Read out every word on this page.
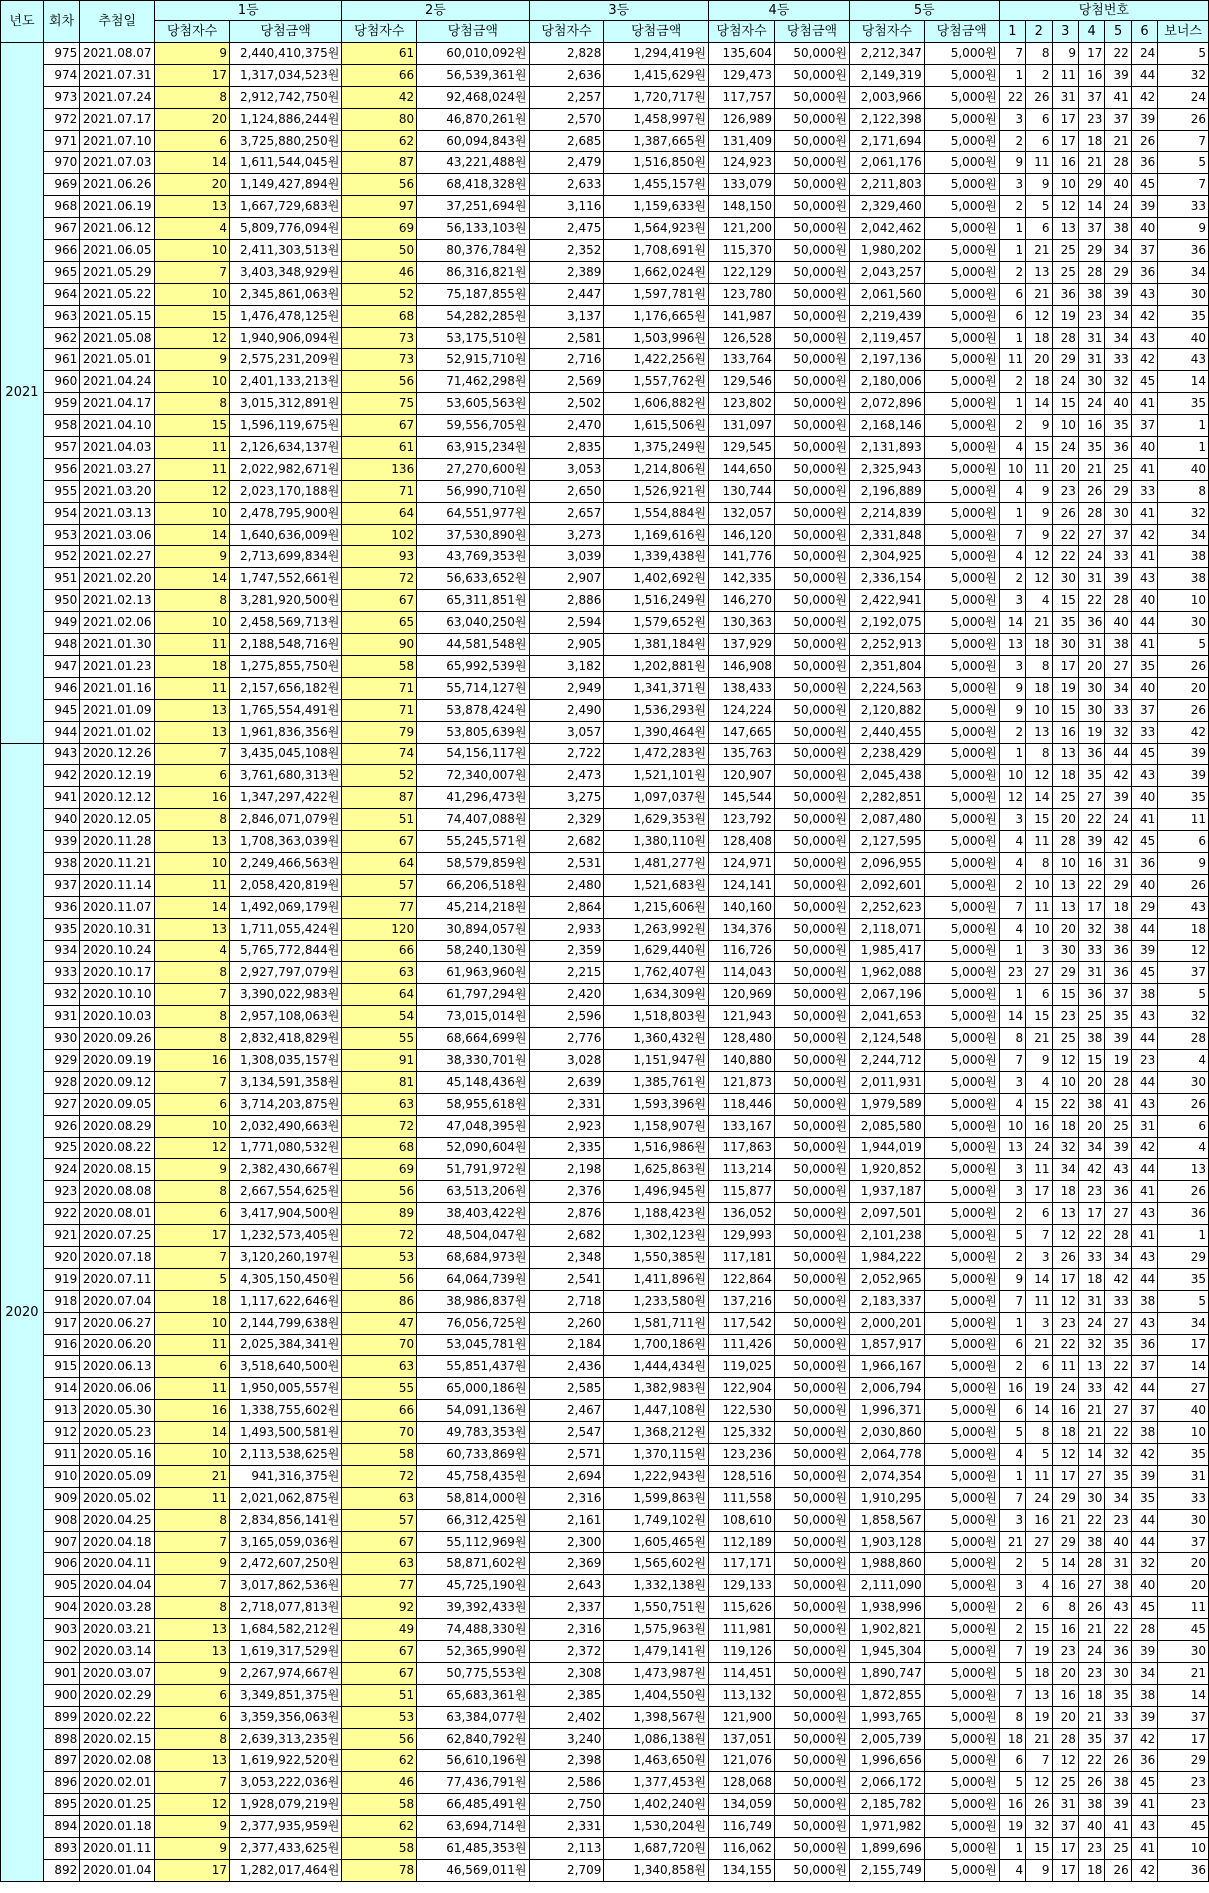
년도	회차	추첨일	1등		2등		3등		4등		5등		당첨번호						
			당첨자수	당첨금액	당첨자수	당첨금액	당첨자수	당첨금액	당첨자수	당첨금액	당첨자수	당첨금액	1	2	3	4	5	6	보너스
2021	975	2021.08.07	9	2,440,410,375원	61	60,010,092원	2,828	1,294,419원	135,604	50,000원	2,212,347	5,000원	7	8	9	17	22	24	5
	974	2021.07.31	17	1,317,034,523원	66	56,539,361원	2,636	1,415,629원	129,473	50,000원	2,149,319	5,000원	1	2	11	16	39	44	32
	973	2021.07.24	8	2,912,742,750원	42	92,468,024원	2,257	1,720,717원	117,757	50,000원	2,003,966	5,000원	22	26	31	37	41	42	24
	972	2021.07.17	20	1,124,886,244원	80	46,870,261원	2,570	1,458,997원	126,989	50,000원	2,122,398	5,000원	3	6	17	23	37	39	26
	971	2021.07.10	6	3,725,880,250원	62	60,094,843원	2,685	1,387,665원	131,409	50,000원	2,171,694	5,000원	2	6	17	18	21	26	7
	970	2021.07.03	14	1,611,544,045원	87	43,221,488원	2,479	1,516,850원	124,923	50,000원	2,061,176	5,000원	9	11	16	21	28	36	5
	969	2021.06.26	20	1,149,427,894원	56	68,418,328원	2,633	1,455,157원	133,079	50,000원	2,211,803	5,000원	3	9	10	29	40	45	7
	968	2021.06.19	13	1,667,729,683원	97	37,251,694원	3,116	1,159,633원	148,150	50,000원	2,329,460	5,000원	2	5	12	14	24	39	33
	967	2021.06.12	4	5,809,776,094원	69	56,133,103원	2,475	1,564,923원	121,200	50,000원	2,042,462	5,000원	1	6	13	37	38	40	9
	966	2021.06.05	10	2,411,303,513원	50	80,376,784원	2,352	1,708,691원	115,370	50,000원	1,980,202	5,000원	1	21	25	29	34	37	36
	965	2021.05.29	7	3,403,348,929원	46	86,316,821원	2,389	1,662,024원	122,129	50,000원	2,043,257	5,000원	2	13	25	28	29	36	34
	964	2021.05.22	10	2,345,861,063원	52	75,187,855원	2,447	1,597,781원	123,780	50,000원	2,061,560	5,000원	6	21	36	38	39	43	30
	963	2021.05.15	15	1,476,478,125원	68	54,282,285원	3,137	1,176,665원	141,987	50,000원	2,219,439	5,000원	6	12	19	23	34	42	35
	962	2021.05.08	12	1,940,906,094원	73	53,175,510원	2,581	1,503,996원	126,528	50,000원	2,119,457	5,000원	1	18	28	31	34	43	40
	961	2021.05.01	9	2,575,231,209원	73	52,915,710원	2,716	1,422,256원	133,764	50,000원	2,197,136	5,000원	11	20	29	31	33	42	43
	960	2021.04.24	10	2,401,133,213원	56	71,462,298원	2,569	1,557,762원	129,546	50,000원	2,180,006	5,000원	2	18	24	30	32	45	14
	959	2021.04.17	8	3,015,312,891원	75	53,605,563원	2,502	1,606,882원	123,802	50,000원	2,072,896	5,000원	1	14	15	24	40	41	35
	958	2021.04.10	15	1,596,119,675원	67	59,556,705원	2,470	1,615,506원	131,097	50,000원	2,168,146	5,000원	2	9	10	16	35	37	1
	957	2021.04.03	11	2,126,634,137원	61	63,915,234원	2,835	1,375,249원	129,545	50,000원	2,131,893	5,000원	4	15	24	35	36	40	1
	956	2021.03.27	11	2,022,982,671원	136	27,270,600원	3,053	1,214,806원	144,650	50,000원	2,325,943	5,000원	10	11	20	21	25	41	40
	955	2021.03.20	12	2,023,170,188원	71	56,990,710원	2,650	1,526,921원	130,744	50,000원	2,196,889	5,000원	4	9	23	26	29	33	8
	954	2021.03.13	10	2,478,795,900원	64	64,551,977원	2,657	1,554,884원	132,057	50,000원	2,214,839	5,000원	1	9	26	28	30	41	32
	953	2021.03.06	14	1,640,636,009원	102	37,530,890원	3,273	1,169,616원	146,120	50,000원	2,331,848	5,000원	7	9	22	27	37	42	34
	952	2021.02.27	9	2,713,699,834원	93	43,769,353원	3,039	1,339,438원	141,776	50,000원	2,304,925	5,000원	4	12	22	24	33	41	38
	951	2021.02.20	14	1,747,552,661원	72	56,633,652원	2,907	1,402,692원	142,335	50,000원	2,336,154	5,000원	2	12	30	31	39	43	38
	950	2021.02.13	8	3,281,920,500원	67	65,311,851원	2,886	1,516,249원	146,270	50,000원	2,422,941	5,000원	3	4	15	22	28	40	10
	949	2021.02.06	10	2,458,569,713원	65	63,040,250원	2,594	1,579,652원	130,363	50,000원	2,192,075	5,000원	14	21	35	36	40	44	30
	948	2021.01.30	11	2,188,548,716원	90	44,581,548원	2,905	1,381,184원	137,929	50,000원	2,252,913	5,000원	13	18	30	31	38	41	5
	947	2021.01.23	18	1,275,855,750원	58	65,992,539원	3,182	1,202,881원	146,908	50,000원	2,351,804	5,000원	3	8	17	20	27	35	26
	946	2021.01.16	11	2,157,656,182원	71	55,714,127원	2,949	1,341,371원	138,433	50,000원	2,224,563	5,000원	9	18	19	30	34	40	20
	945	2021.01.09	13	1,765,554,491원	71	53,878,424원	2,490	1,536,293원	124,224	50,000원	2,120,882	5,000원	9	10	15	30	33	37	26
	944	2021.01.02	13	1,961,836,356원	79	53,805,639원	3,057	1,390,464원	147,665	50,000원	2,440,455	5,000원	2	13	16	19	32	33	42
2020	943	2020.12.26	7	3,435,045,108원	74	54,156,117원	2,722	1,472,283원	135,763	50,000원	2,238,429	5,000원	1	8	13	36	44	45	39
	942	2020.12.19	6	3,761,680,313원	52	72,340,007원	2,473	1,521,101원	120,907	50,000원	2,045,438	5,000원	10	12	18	35	42	43	39
	941	2020.12.12	16	1,347,297,422원	87	41,296,473원	3,275	1,097,037원	145,544	50,000원	2,282,851	5,000원	12	14	25	27	39	40	35
	940	2020.12.05	8	2,846,071,079원	51	74,407,088원	2,329	1,629,353원	123,792	50,000원	2,087,480	5,000원	3	15	20	22	24	41	11
	939	2020.11.28	13	1,708,363,039원	67	55,245,571원	2,682	1,380,110원	128,408	50,000원	2,127,595	5,000원	4	11	28	39	42	45	6
	938	2020.11.21	10	2,249,466,563원	64	58,579,859원	2,531	1,481,277원	124,971	50,000원	2,096,955	5,000원	4	8	10	16	31	36	9
	937	2020.11.14	11	2,058,420,819원	57	66,206,518원	2,480	1,521,683원	124,141	50,000원	2,092,601	5,000원	2	10	13	22	29	40	26
	936	2020.11.07	14	1,492,069,179원	77	45,214,218원	2,864	1,215,606원	140,160	50,000원	2,252,623	5,000원	7	11	13	17	18	29	43
	935	2020.10.31	13	1,711,055,424원	120	30,894,057원	2,933	1,263,992원	134,376	50,000원	2,118,071	5,000원	4	10	20	32	38	44	18
	934	2020.10.24	4	5,765,772,844원	66	58,240,130원	2,359	1,629,440원	116,726	50,000원	1,985,417	5,000원	1	3	30	33	36	39	12
	933	2020.10.17	8	2,927,797,079원	63	61,963,960원	2,215	1,762,407원	114,043	50,000원	1,962,088	5,000원	23	27	29	31	36	45	37
	932	2020.10.10	7	3,390,022,983원	64	61,797,294원	2,420	1,634,309원	120,969	50,000원	2,067,196	5,000원	1	6	15	36	37	38	5
	931	2020.10.03	8	2,957,108,063원	54	73,015,014원	2,596	1,518,803원	121,943	50,000원	2,041,653	5,000원	14	15	23	25	35	43	32
	930	2020.09.26	8	2,832,418,829원	55	68,664,699원	2,776	1,360,432원	128,480	50,000원	2,124,548	5,000원	8	21	25	38	39	44	28
	929	2020.09.19	16	1,308,035,157원	91	38,330,701원	3,028	1,151,947원	140,880	50,000원	2,244,712	5,000원	7	9	12	15	19	23	4
	928	2020.09.12	7	3,134,591,358원	81	45,148,436원	2,639	1,385,761원	121,873	50,000원	2,011,931	5,000원	3	4	10	20	28	44	30
	927	2020.09.05	6	3,714,203,875원	63	58,955,618원	2,331	1,593,396원	118,446	50,000원	1,979,589	5,000원	4	15	22	38	41	43	26
	926	2020.08.29	10	2,032,490,663원	72	47,048,395원	2,923	1,158,907원	133,167	50,000원	2,085,580	5,000원	10	16	18	20	25	31	6
	925	2020.08.22	12	1,771,080,532원	68	52,090,604원	2,335	1,516,986원	117,863	50,000원	1,944,019	5,000원	13	24	32	34	39	42	4
	924	2020.08.15	9	2,382,430,667원	69	51,791,972원	2,198	1,625,863원	113,214	50,000원	1,920,852	5,000원	3	11	34	42	43	44	13
	923	2020.08.08	8	2,667,554,625원	56	63,513,206원	2,376	1,496,945원	115,877	50,000원	1,937,187	5,000원	3	17	18	23	36	41	26
	922	2020.08.01	6	3,417,904,500원	89	38,403,422원	2,876	1,188,423원	136,052	50,000원	2,097,501	5,000원	2	6	13	17	27	43	36
	921	2020.07.25	17	1,232,573,405원	72	48,504,047원	2,682	1,302,123원	129,993	50,000원	2,101,238	5,000원	5	7	12	22	28	41	1
	920	2020.07.18	7	3,120,260,197원	53	68,684,973원	2,348	1,550,385원	117,181	50,000원	1,984,222	5,000원	2	3	26	33	34	43	29
	919	2020.07.11	5	4,305,150,450원	56	64,064,739원	2,541	1,411,896원	122,864	50,000원	2,052,965	5,000원	9	14	17	18	42	44	35
	918	2020.07.04	18	1,117,622,646원	86	38,986,837원	2,718	1,233,580원	137,216	50,000원	2,183,337	5,000원	7	11	12	31	33	38	5
	917	2020.06.27	10	2,144,799,638원	47	76,056,725원	2,260	1,581,711원	117,542	50,000원	2,000,201	5,000원	1	3	23	24	27	43	34
	916	2020.06.20	11	2,025,384,341원	70	53,045,781원	2,184	1,700,186원	111,426	50,000원	1,857,917	5,000원	6	21	22	32	35	36	17
	915	2020.06.13	6	3,518,640,500원	63	55,851,437원	2,436	1,444,434원	119,025	50,000원	1,966,167	5,000원	2	6	11	13	22	37	14
	914	2020.06.06	11	1,950,005,557원	55	65,000,186원	2,585	1,382,983원	122,904	50,000원	2,006,794	5,000원	16	19	24	33	42	44	27
	913	2020.05.30	16	1,338,755,602원	66	54,091,136원	2,467	1,447,108원	122,530	50,000원	1,996,371	5,000원	6	14	16	21	27	37	40
	912	2020.05.23	14	1,493,500,581원	70	49,783,353원	2,547	1,368,212원	125,332	50,000원	2,030,860	5,000원	5	8	18	21	22	38	10
	911	2020.05.16	10	2,113,538,625원	58	60,733,869원	2,571	1,370,115원	123,236	50,000원	2,064,778	5,000원	4	5	12	14	32	42	35
	910	2020.05.09	21	941,316,375원	72	45,758,435원	2,694	1,222,943원	128,516	50,000원	2,074,354	5,000원	1	11	17	27	35	39	31
	909	2020.05.02	11	2,021,062,875원	63	58,814,000원	2,316	1,599,863원	111,558	50,000원	1,910,295	5,000원	7	24	29	30	34	35	33
	908	2020.04.25	8	2,834,856,141원	57	66,312,425원	2,161	1,749,102원	108,610	50,000원	1,858,567	5,000원	3	16	21	22	23	44	30
	907	2020.04.18	7	3,165,059,036원	67	55,112,969원	2,300	1,605,465원	112,189	50,000원	1,903,128	5,000원	21	27	29	38	40	44	37
	906	2020.04.11	9	2,472,607,250원	63	58,871,602원	2,369	1,565,602원	117,171	50,000원	1,988,860	5,000원	2	5	14	28	31	32	20
	905	2020.04.04	7	3,017,862,536원	77	45,725,190원	2,643	1,332,138원	129,133	50,000원	2,111,090	5,000원	3	4	16	27	38	40	20
	904	2020.03.28	8	2,718,077,813원	92	39,392,433원	2,337	1,550,751원	115,626	50,000원	1,938,996	5,000원	2	6	8	26	43	45	11
	903	2020.03.21	13	1,684,582,212원	49	74,488,330원	2,316	1,575,963원	111,981	50,000원	1,902,821	5,000원	2	15	16	21	22	28	45
	902	2020.03.14	13	1,619,317,529원	67	52,365,990원	2,372	1,479,141원	119,126	50,000원	1,945,304	5,000원	7	19	23	24	36	39	30
	901	2020.03.07	9	2,267,974,667원	67	50,775,553원	2,308	1,473,987원	114,451	50,000원	1,890,747	5,000원	5	18	20	23	30	34	21
	900	2020.02.29	6	3,349,851,375원	51	65,683,361원	2,385	1,404,550원	113,132	50,000원	1,872,855	5,000원	7	13	16	18	35	38	14
	899	2020.02.22	6	3,359,356,063원	53	63,384,077원	2,402	1,398,567원	121,900	50,000원	1,993,765	5,000원	8	19	20	21	33	39	37
	898	2020.02.15	8	2,639,313,235원	56	62,840,792원	3,240	1,086,138원	137,051	50,000원	2,005,739	5,000원	18	21	28	35	37	42	17
	897	2020.02.08	13	1,619,922,520원	62	56,610,196원	2,398	1,463,650원	121,076	50,000원	1,996,656	5,000원	6	7	12	22	26	36	29
	896	2020.02.01	7	3,053,222,036원	46	77,436,791원	2,586	1,377,453원	128,068	50,000원	2,066,172	5,000원	5	12	25	26	38	45	23
	895	2020.01.25	12	1,928,079,219원	58	66,485,491원	2,750	1,402,240원	134,059	50,000원	2,185,782	5,000원	16	26	31	38	39	41	23
	894	2020.01.18	9	2,377,935,959원	62	63,694,714원	2,331	1,530,204원	116,749	50,000원	1,971,982	5,000원	19	32	37	40	41	43	45
	893	2020.01.11	9	2,377,433,625원	58	61,485,353원	2,113	1,687,720원	116,062	50,000원	1,899,696	5,000원	1	15	17	23	25	41	10
	892	2020.01.04	17	1,282,017,464원	78	46,569,011원	2,709	1,340,858원	134,155	50,000원	2,155,749	5,000원	4	9	17	18	26	42	36
